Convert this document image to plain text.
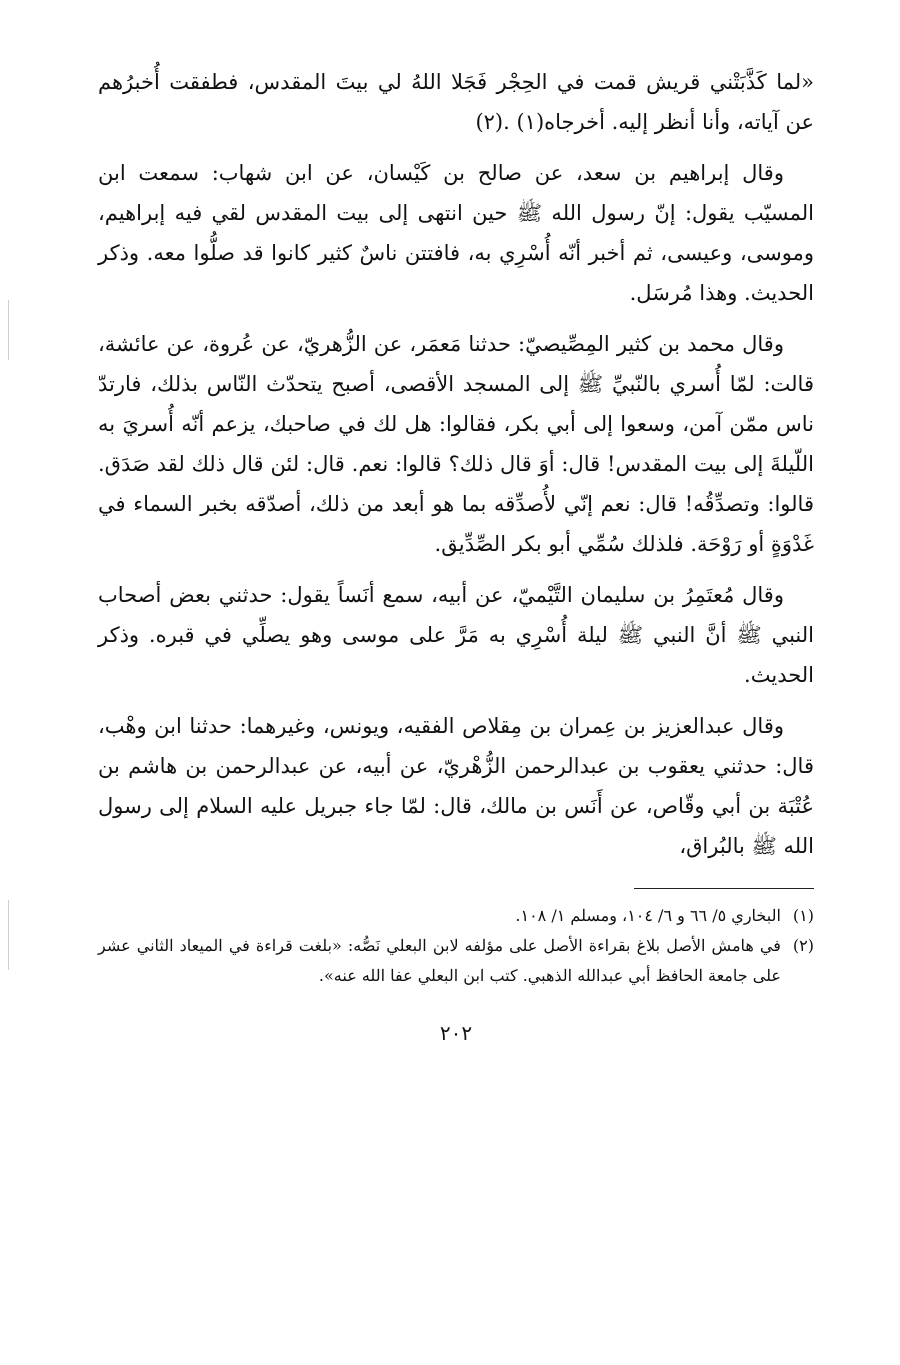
«لما كَذَّبَتْني قريش قمت في الحِجْر فَجَلا اللهُ لي بيتَ المقدس، فطفقت أُخبرُهم عن آياته، وأنا أنظر إليه. أخرجاه(١) .(٢)

وقال إبراهيم بن سعد، عن صالح بن كَيْسان، عن ابن شهاب: سمعت ابن المسيّب يقول: إنّ رسول الله ﷺ حين انتهى إلى بيت المقدس لقي فيه إبراهيم، وموسى، وعيسى، ثم أخبر أنّه أُسْرِي به، فافتتن ناسٌ كثير كانوا قد صلُّوا معه. وذكر الحديث. وهذا مُرسَل.

وقال محمد بن كثير المِصِّيصيّ: حدثنا مَعمَر، عن الزُّهريّ، عن عُروة، عن عائشة، قالت: لمّا أُسري بالنّبيِّ ﷺ إلى المسجد الأقصى، أصبح يتحدّث النّاس بذلك، فارتدّ ناس ممّن آمن، وسعوا إلى أبي بكر، فقالوا: هل لك في صاحبك، يزعم أنّه أُسريَ به اللّيلةَ إلى بيت المقدس! قال: أوَ قال ذلك؟ قالوا: نعم. قال: لئن قال ذلك لقد صَدَق. قالوا: وتصدِّقُه! قال: نعم إنّي لأُصدِّقه بما هو أبعد من ذلك، أصدّقه بخبر السماء في غَدْوَةٍ أو رَوْحَة. فلذلك سُمِّي أبو بكر الصِّدِّيق.

وقال مُعتَمِرُ بن سليمان التَّيْميّ، عن أبيه، سمع أنَساً يقول: حدثني بعض أصحاب النبي ﷺ أنَّ النبي ﷺ ليلة أُسْرِي به مَرَّ على موسى وهو يصلِّي في قبره. وذكر الحديث.

وقال عبدالعزيز بن عِمران بن مِقلاص الفقيه، ويونس، وغيرهما: حدثنا ابن وهْب، قال: حدثني يعقوب بن عبدالرحمن الزُّهْريّ، عن أبيه، عن عبدالرحمن بن هاشم بن عُتْبَة بن أبي وقّاص، عن أَنَس بن مالك، قال: لمّا جاء جبريل عليه السلام إلى رسول الله ﷺ بالبُراق،

(١)
البخاري ٥/ ٦٦ و ٦/ ١٠٤، ومسلم ١/ ١٠٨.
(٢)
في هامش الأصل بلاغ بقراءة الأصل على مؤلفه لابن البعلي نَصُّه: «بلغت قراءة في الميعاد الثاني عشر على جامعة الحافظ أبي عبدالله الذهبي. كتب ابن البعلي عفا الله عنه».
٢٠٢
